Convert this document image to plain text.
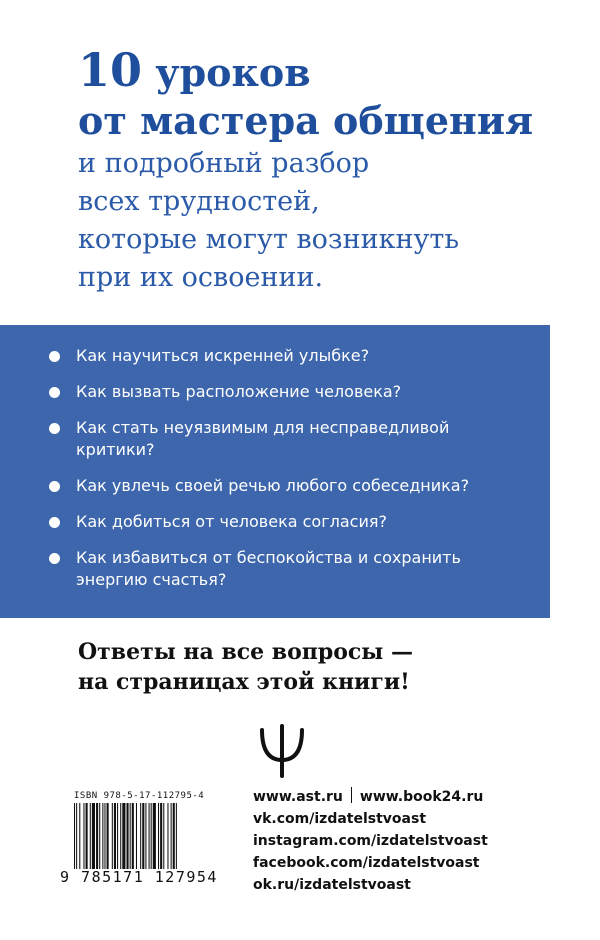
10 уроков
от мастера общения
и подробный разбор
всех трудностей,
которые могут возникнуть
при их освоении.
Как научиться искренней улыбке?
Как вызвать расположение человека?
Как стать неуязвимым для несправедливой критики?
Как увлечь своей речью любого собеседника?
Как добиться от человека согласия?
Как избавиться от беспокойства и сохранить энергию счастья?
Ответы на все вопросы —
на страницах этой книги!
ISBN 978-5-17-112795-4
9 785171 127954
www.ast.ru www.book24.ru
vk.com/izdatelstvoast
instagram.com/izdatelstvoast
facebook.com/izdatelstvoast
ok.ru/izdatelstvoast
